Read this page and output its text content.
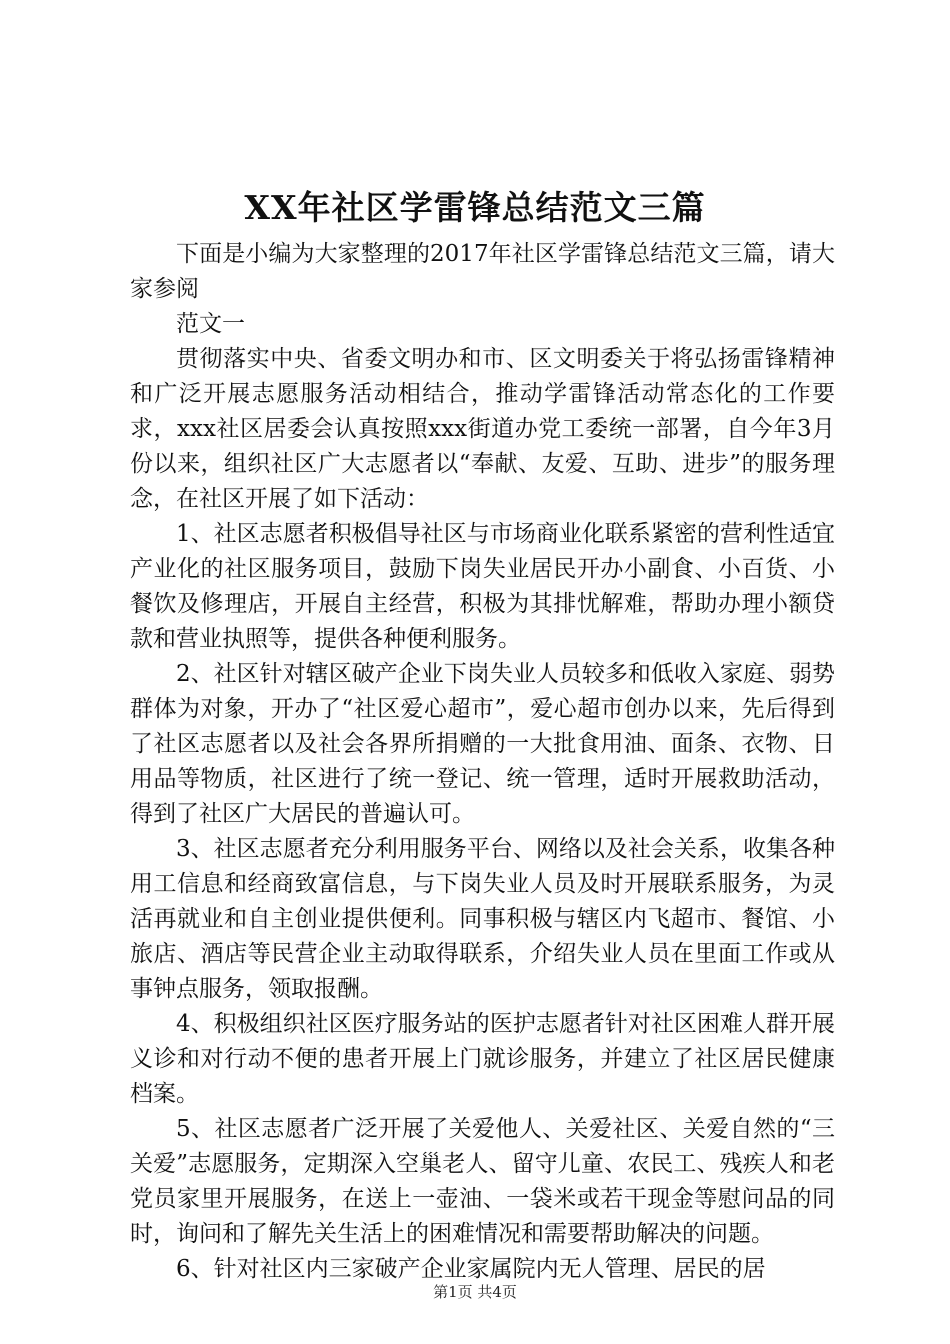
XX年社区学雷锋总结范文三篇

下面是小编为大家整理的2017年社区学雷锋总结范文三篇，请大家参阅

范文一

贯彻落实中央、省委文明办和市、区文明委关于将弘扬雷锋精神和广泛开展志愿服务活动相结合，推动学雷锋活动常态化的工作要求，xxx社区居委会认真按照xxx街道办党工委统一部署，自今年3月份以来，组织社区广大志愿者以“奉献、友爱、互助、进步”的服务理念，在社区开展了如下活动：

1、社区志愿者积极倡导社区与市场商业化联系紧密的营利性适宜产业化的社区服务项目，鼓励下岗失业居民开办小副食、小百货、小餐饮及修理店，开展自主经营，积极为其排忧解难，帮助办理小额贷款和营业执照等，提供各种便利服务。

2、社区针对辖区破产企业下岗失业人员较多和低收入家庭、弱势群体为对象，开办了“社区爱心超市”，爱心超市创办以来，先后得到了社区志愿者以及社会各界所捐赠的一大批食用油、面条、衣物、日用品等物质，社区进行了统一登记、统一管理，适时开展救助活动，得到了社区广大居民的普遍认可。

3、社区志愿者充分利用服务平台、网络以及社会关系，收集各种用工信息和经商致富信息，与下岗失业人员及时开展联系服务，为灵活再就业和自主创业提供便利。同事积极与辖区内飞超市、餐馆、小旅店、酒店等民营企业主动取得联系，介绍失业人员在里面工作或从事钟点服务，领取报酬。

4、积极组织社区医疗服务站的医护志愿者针对社区困难人群开展义诊和对行动不便的患者开展上门就诊服务，并建立了社区居民健康档案。

5、社区志愿者广泛开展了关爱他人、关爱社区、关爱自然的“三关爱”志愿服务，定期深入空巢老人、留守儿童、农民工、残疾人和老党员家里开展服务，在送上一壶油、一袋米或若干现金等慰问品的同时，询问和了解先关生活上的困难情况和需要帮助解决的问题。

6、针对社区内三家破产企业家属院内无人管理、居民的居

第1页 共4页
